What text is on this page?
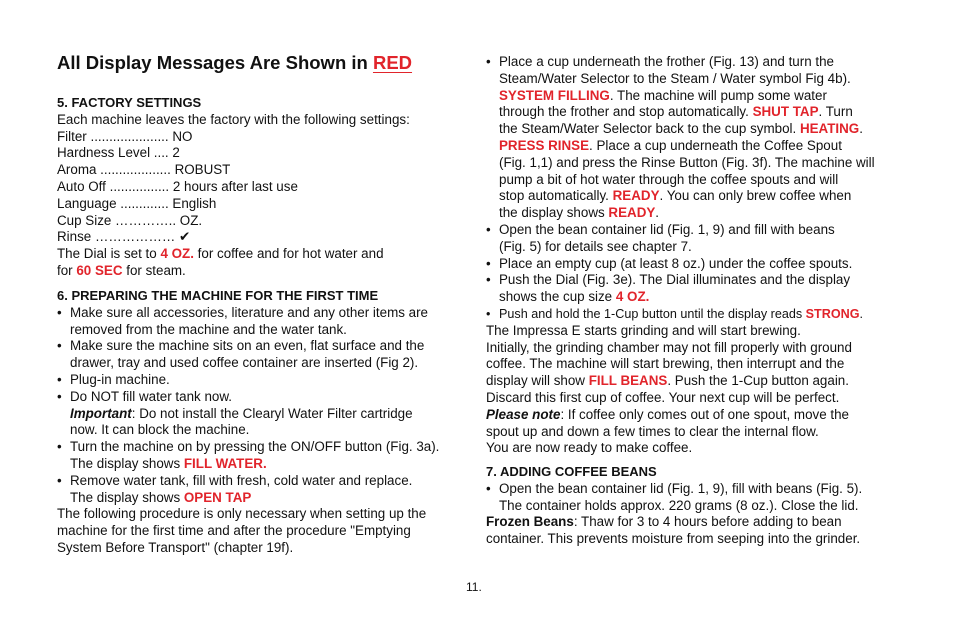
All Display Messages Are Shown in RED
5. FACTORY SETTINGS
Each machine leaves the factory with the following settings:
Filter ..................... NO
Hardness Level .... 2
Aroma ................... ROBUST
Auto Off ................ 2 hours after last use
Language ............. English
Cup Size ………….. OZ.
Rinse ……………… ✔
The Dial is set to 4 OZ. for coffee and for hot water and
for 60 SEC for steam.
6. PREPARING THE MACHINE FOR THE FIRST TIME
• Make sure all accessories, literature and any other items are
removed from the machine and the water tank.
• Make sure the machine sits on an even, flat surface and the
drawer, tray and used coffee container are inserted (Fig 2).
• Plug-in machine.
• Do NOT fill water tank now.
Important: Do not install the Clearyl Water Filter cartridge
now. It can block the machine.
• Turn the machine on by pressing the ON/OFF button (Fig. 3a).
The display shows FILL WATER.
• Remove water tank, fill with fresh, cold water and replace.
The display shows OPEN TAP
The following procedure is only necessary when setting up the
machine for the first time and after the procedure "Emptying
System Before Transport" (chapter 19f).
• Place a cup underneath the frother (Fig. 13) and turn the
Steam/Water Selector to the Steam / Water symbol Fig 4b).
SYSTEM FILLING. The machine will pump some water
through the frother and stop automatically. SHUT TAP. Turn
the Steam/Water Selector back to the cup symbol. HEATING.
PRESS RINSE. Place a cup underneath the Coffee Spout
(Fig. 1,1) and press the Rinse Button (Fig. 3f). The machine will
pump a bit of hot water through the coffee spouts and will
stop automatically. READY. You can only brew coffee when
the display shows READY.
• Open the bean container lid (Fig. 1, 9) and fill with beans
(Fig. 5) for details see chapter 7.
• Place an empty cup (at least 8 oz.) under the coffee spouts.
• Push the Dial (Fig. 3e). The Dial illuminates and the display
shows the cup size 4 OZ.
• Push and hold the 1-Cup button until the display reads STRONG.
The Impressa E starts grinding and will start brewing.
Initially, the grinding chamber may not fill properly with ground
coffee. The machine will start brewing, then interrupt and the
display will show FILL BEANS. Push the 1-Cup button again.
Discard this first cup of coffee. Your next cup will be perfect.
Please note: If coffee only comes out of one spout, move the
spout up and down a few times to clear the internal flow.
You are now ready to make coffee.
7. ADDING COFFEE BEANS
• Open the bean container lid (Fig. 1, 9), fill with beans (Fig. 5).
The container holds approx. 220 grams (8 oz.). Close the lid.
Frozen Beans: Thaw for 3 to 4 hours before adding to bean
container. This prevents moisture from seeping into the grinder.
11.
